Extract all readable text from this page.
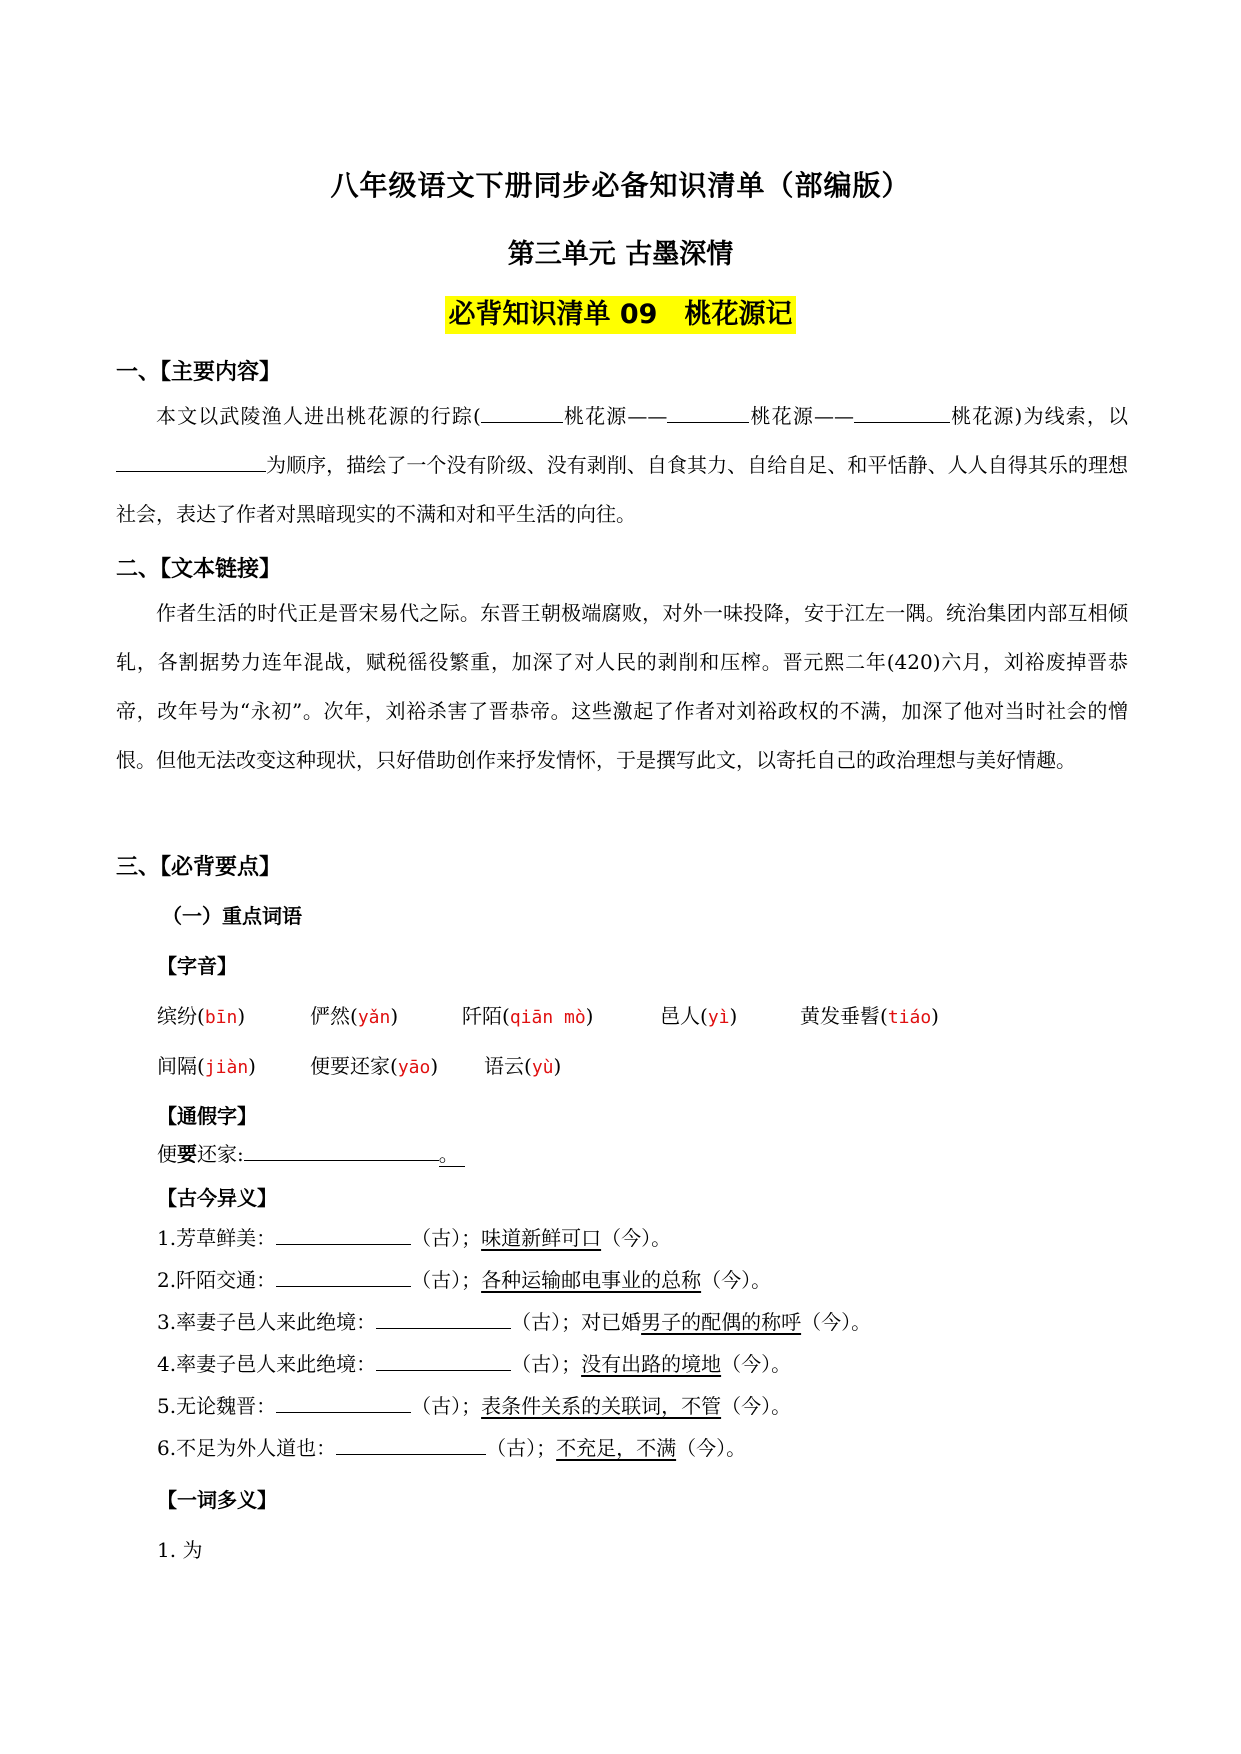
八年级语文下册同步必备知识清单（部编版）
第三单元 古墨深情
必背知识清单 09　桃花源记
一、【主要内容】
本文以武陵渔人进出桃花源的行踪(	桃花源——	桃花源——	桃花源)为线索，以为顺序，描绘了一个没有阶级、没有剥削、自食其力、自给自足、和平恬静、人人自得其乐的理想社会，表达了作者对黑暗现实的不满和对和平生活的向往。
二、【文本链接】
作者生活的时代正是晋宋易代之际。东晋王朝极端腐败，对外一味投降，安于江左一隅。统治集团内部互相倾轧，各割据势力连年混战，赋税徭役繁重，加深了对人民的剥削和压榨。晋元熙二年(420)六月，刘裕废掉晋恭帝，改年号为“永初”。次年，刘裕杀害了晋恭帝。这些激起了作者对刘裕政权的不满，加深了他对当时社会的憎恨。但他无法改变这种现状，只好借助创作来抒发情怀，于是撰写此文，以寄托自己的政治理想与美好情趣。
三、【必背要点】
（一）重点词语
【字音】
缤纷(bīn)	俨然(yǎn)	阡陌(qiān mò)	邑人(yì)	黄发垂髫(tiáo)
间隔(jiàn)	便要还家(yāo) 语云(yù)
【通假字】
便要还家:	。
【古今异义】
1.芳草鲜美：	（古）；味道新鲜可口（今）。
2.阡陌交通：	（古）；各种运输邮电事业的总称（今）。
3.率妻子邑人来此绝境：	（古）；对已婚男子的配偶的称呼（今）。
4.率妻子邑人来此绝境：	（古）；没有出路的境地（今）。
5.无论魏晋：	（古）；表条件关系的关联词，不管（今）。
6.不足为外人道也：	（古）；不充足，不满（今）。
【一词多义】
1. 为
